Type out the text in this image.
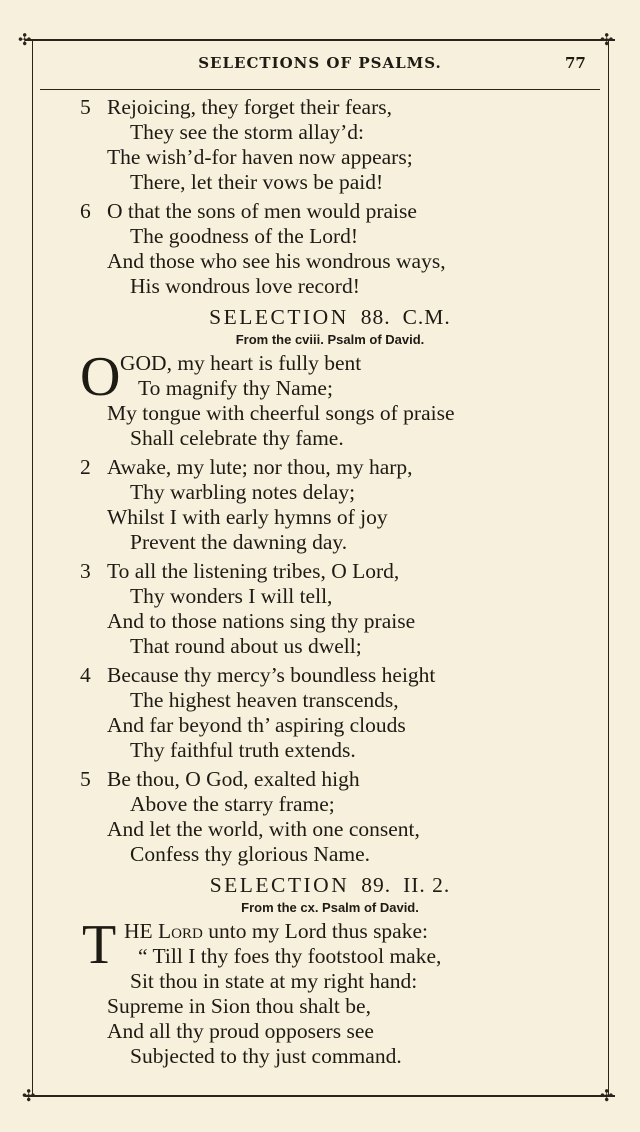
✣	✣
✣	✣
SELECTIONS OF PSALMS.	77
5 Rejoicing, they forget their fears,
They see the storm allay’d:
The wish’d-for haven now appears;
There, let their vows be paid!
6 O that the sons of men would praise
The goodness of the Lord!
And those who see his wondrous ways,
His wondrous love record!
SELECTION 88. C.M.
From the cviii. Psalm of David.
O GOD, my heart is fully bent
To magnify thy Name;
My tongue with cheerful songs of praise
Shall celebrate thy fame.
2 Awake, my lute; nor thou, my harp,
Thy warbling notes delay;
Whilst I with early hymns of joy
Prevent the dawning day.
3 To all the listening tribes, O Lord,
Thy wonders I will tell,
And to those nations sing thy praise
That round about us dwell;
4 Because thy mercy’s boundless height
The highest heaven transcends,
And far beyond th’ aspiring clouds
Thy faithful truth extends.
5 Be thou, O God, exalted high
Above the starry frame;
And let the world, with one consent,
Confess thy glorious Name.
SELECTION 89. II. 2.
From the cx. Psalm of David.
T HE Lord unto my Lord thus spake:
“ Till I thy foes thy footstool make,
Sit thou in state at my right hand:
Supreme in Sion thou shalt be,
And all thy proud opposers see
Subjected to thy just command.
